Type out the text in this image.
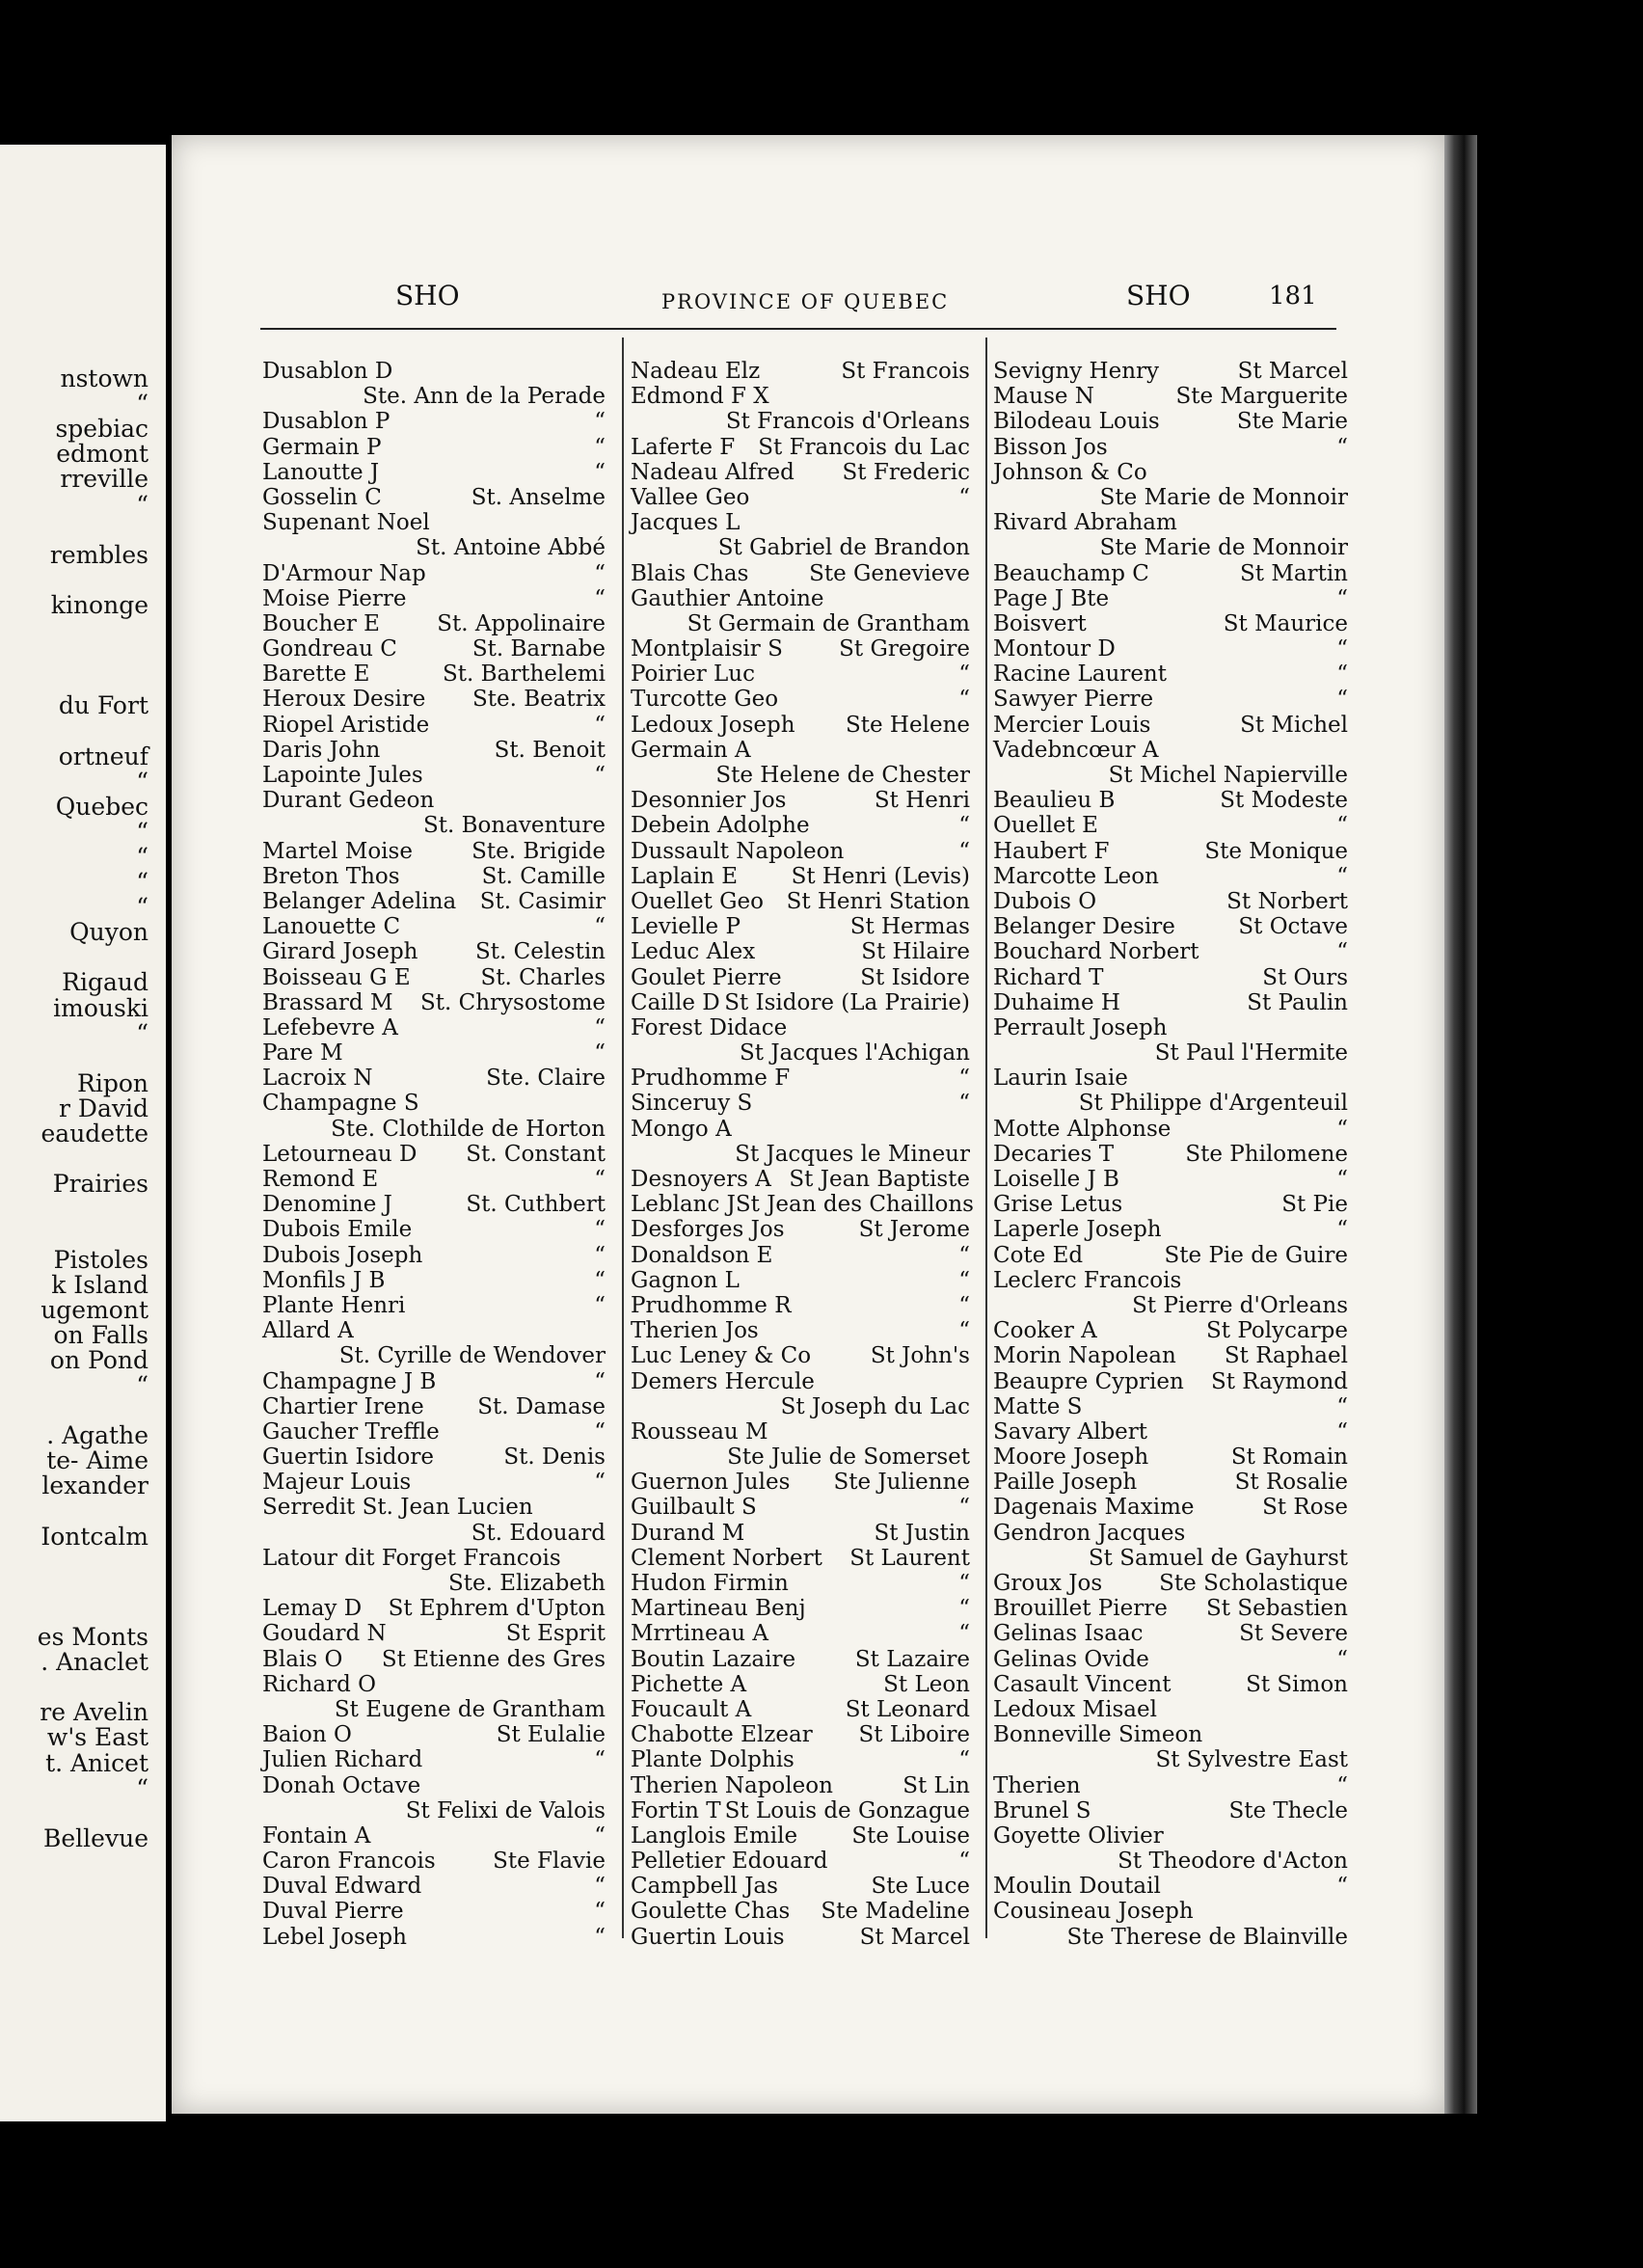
nstown
“
spebiac
edmont
rreville
“
rembles
kinonge
du Fort
ortneuf
“
Quebec
“
“
“
“
Quyon
Rigaud
imouski
“
Ripon
r David
eaudette
Prairies
Pistoles
k Island
ugemont
on Falls
on Pond
“
. Agathe
te- Aime
lexander
Iontcalm
es Monts
. Anaclet
re Avelin
w's East
t. Anicet
“
Bellevue
SHO	PROVINCE OF QUEBEC	SHO	181
Dusablon D
Ste. Ann de la Perade
Dusablon P	“
Germain P	“
Lanoutte J	“
Gosselin C	St. Anselme
Supenant Noel
St. Antoine Abbé
D'Armour Nap	“
Moise Pierre	“
Boucher E	St. Appolinaire
Gondreau C	St. Barnabe
Barette E	St. Barthelemi
Heroux Desire Ste. Beatrix
Riopel Aristide	“
Daris John	St. Benoit
Lapointe Jules	“
Durant Gedeon
St. Bonaventure
Martel Moise	Ste. Brigide
Breton Thos	St. Camille
Belanger Adelina St. Casimir
Lanouette C	“
Girard Joseph	St. Celestin
Boisseau G E	St. Charles
Brassard M St. Chrysostome
Lefebevre A	“
Pare M	“
Lacroix N	Ste. Claire
Champagne S
Ste. Clothilde de Horton
Letourneau D St. Constant
Remond E	“
Denomine J	St. Cuthbert
Dubois Emile	“
Dubois Joseph	“
Monfils J B	“
Plante Henri	“
Allard A
St. Cyrille de Wendover
Champagne J B	“
Chartier Irene St. Damase
Gaucher Treffle	“
Guertin Isidore	St. Denis
Majeur Louis	“
Serredit St. Jean Lucien
St. Edouard
Latour dit Forget Francois
Ste. Elizabeth
Lemay D St Ephrem d'Upton
Goudard N	St Esprit
Blais O St Etienne des Gres
Richard O
St Eugene de Grantham
Baion O	St Eulalie
Julien Richard	“
Donah Octave
St Felixi de Valois
Fontain A	“
Caron Francois	Ste Flavie
Duval Edward	“
Duval Pierre	“
Lebel Joseph	“
Nadeau Elz	St Francois
Edmond F X
St Francois d'Orleans
Laferte F St Francois du Lac
Nadeau Alfred St Frederic
Vallee Geo	“
Jacques L
St Gabriel de Brandon
Blais Chas	Ste Genevieve
Gauthier Antoine
St Germain de Grantham
Montplaisir S	St Gregoire
Poirier Luc	“
Turcotte Geo	“
Ledoux Joseph Ste Helene
Germain A
Ste Helene de Chester
Desonnier Jos	St Henri
Debein Adolphe	“
Dussault Napoleon	“
Laplain E St Henri (Levis)
Ouellet Geo St Henri Station
Levielle P	St Hermas
Leduc Alex	St Hilaire
Goulet Pierre	St Isidore
Caille D St Isidore (La Prairie)
Forest Didace
St Jacques l'Achigan
Prudhomme F	“
Sinceruy S	“
Mongo A
St Jacques le Mineur
Desnoyers A St Jean Baptiste
Leblanc J St Jean des Chaillons
Desforges Jos	St Jerome
Donaldson E	“
Gagnon L	“
Prudhomme R	“
Therien Jos	“
Luc Leney & Co	St John's
Demers Hercule
St Joseph du Lac
Rousseau M
Ste Julie de Somerset
Guernon Jules Ste Julienne
Guilbault S	“
Durand M	St Justin
Clement Norbert St Laurent
Hudon Firmin	“
Martineau Benj	“
Mrrtineau A	“
Boutin Lazaire	St Lazaire
Pichette A	St Leon
Foucault A	St Leonard
Chabotte Elzear St Liboire
Plante Dolphis	“
Therien Napoleon	St Lin
Fortin T St Louis de Gonzague
Langlois Emile Ste Louise
Pelletier Edouard	“
Campbell Jas	Ste Luce
Goulette Chas Ste Madeline
Guertin Louis	St Marcel
Sevigny Henry	St Marcel
Mause N	Ste Marguerite
Bilodeau Louis	Ste Marie
Bisson Jos	“
Johnson & Co
Ste Marie de Monnoir
Rivard Abraham
Ste Marie de Monnoir
Beauchamp C	St Martin
Page J Bte	“
Boisvert	St Maurice
Montour D	“
Racine Laurent	“
Sawyer Pierre	“
Mercier Louis	St Michel
Vadebncœur A
St Michel Napierville
Beaulieu B	St Modeste
Ouellet E	“
Haubert F	Ste Monique
Marcotte Leon	“
Dubois O	St Norbert
Belanger Desire	St Octave
Bouchard Norbert	“
Richard T	St Ours
Duhaime H	St Paulin
Perrault Joseph
St Paul l'Hermite
Laurin Isaie
St Philippe d'Argenteuil
Motte Alphonse	“
Decaries T	Ste Philomene
Loiselle J B	“
Grise Letus	St Pie
Laperle Joseph	“
Cote Ed	Ste Pie de Guire
Leclerc Francois
St Pierre d'Orleans
Cooker A	St Polycarpe
Morin Napolean St Raphael
Beaupre Cyprien St Raymond
Matte S	“
Savary Albert	“
Moore Joseph	St Romain
Paille Joseph	St Rosalie
Dagenais Maxime	St Rose
Gendron Jacques
St Samuel de Gayhurst
Groux Jos	Ste Scholastique
Brouillet Pierre St Sebastien
Gelinas Isaac	St Severe
Gelinas Ovide	“
Casault Vincent	St Simon
Ledoux Misael
Bonneville Simeon
St Sylvestre East
Therien	“
Brunel S	Ste Thecle
Goyette Olivier
St Theodore d'Acton
Moulin Doutail	“
Cousineau Joseph
Ste Therese de Blainville
